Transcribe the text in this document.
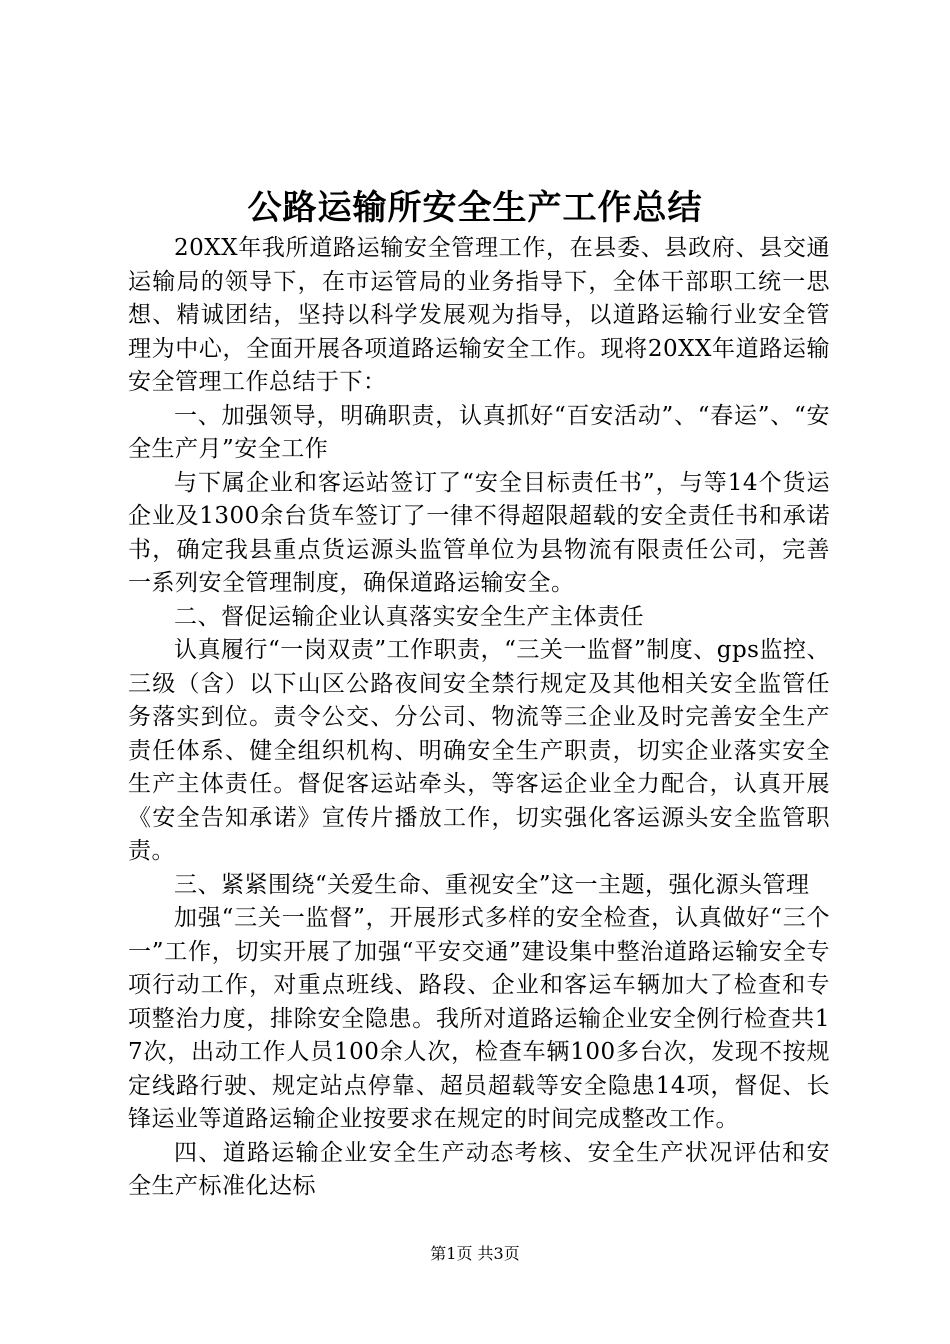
公路运输所安全生产工作总结

20XX年我所道路运输安全管理工作，在县委、县政府、县交通运输局的领导下，在市运管局的业务指导下，全体干部职工统一思想、精诚团结，坚持以科学发展观为指导，以道路运输行业安全管理为中心，全面开展各项道路运输安全工作。现将20XX年道路运输安全管理工作总结于下：

一、加强领导，明确职责，认真抓好“百安活动”、“春运”、“安全生产月”安全工作

与下属企业和客运站签订了“安全目标责任书”，与等14个货运企业及1300余台货车签订了一律不得超限超载的安全责任书和承诺书，确定我县重点货运源头监管单位为县物流有限责任公司，完善一系列安全管理制度，确保道路运输安全。

二、督促运输企业认真落实安全生产主体责任

认真履行“一岗双责”工作职责，“三关一监督”制度、gps监控、三级（含）以下山区公路夜间安全禁行规定及其他相关安全监管任务落实到位。责令公交、分公司、物流等三企业及时完善安全生产责任体系、健全组织机构、明确安全生产职责，切实企业落实安全生产主体责任。督促客运站牵头，等客运企业全力配合，认真开展《安全告知承诺》宣传片播放工作，切实强化客运源头安全监管职责。

三、紧紧围绕“关爱生命、重视安全”这一主题，强化源头管理

加强“三关一监督”，开展形式多样的安全检查，认真做好“三个一”工作，切实开展了加强“平安交通”建设集中整治道路运输安全专项行动工作，对重点班线、路段、企业和客运车辆加大了检查和专项整治力度，排除安全隐患。我所对道路运输企业安全例行检查共17次，出动工作人员100余人次，检查车辆100多台次，发现不按规定线路行驶、规定站点停靠、超员超载等安全隐患14项，督促、长锋运业等道路运输企业按要求在规定的时间完成整改工作。

四、道路运输企业安全生产动态考核、安全生产状况评估和安全生产标准化达标

第1页 共3页
